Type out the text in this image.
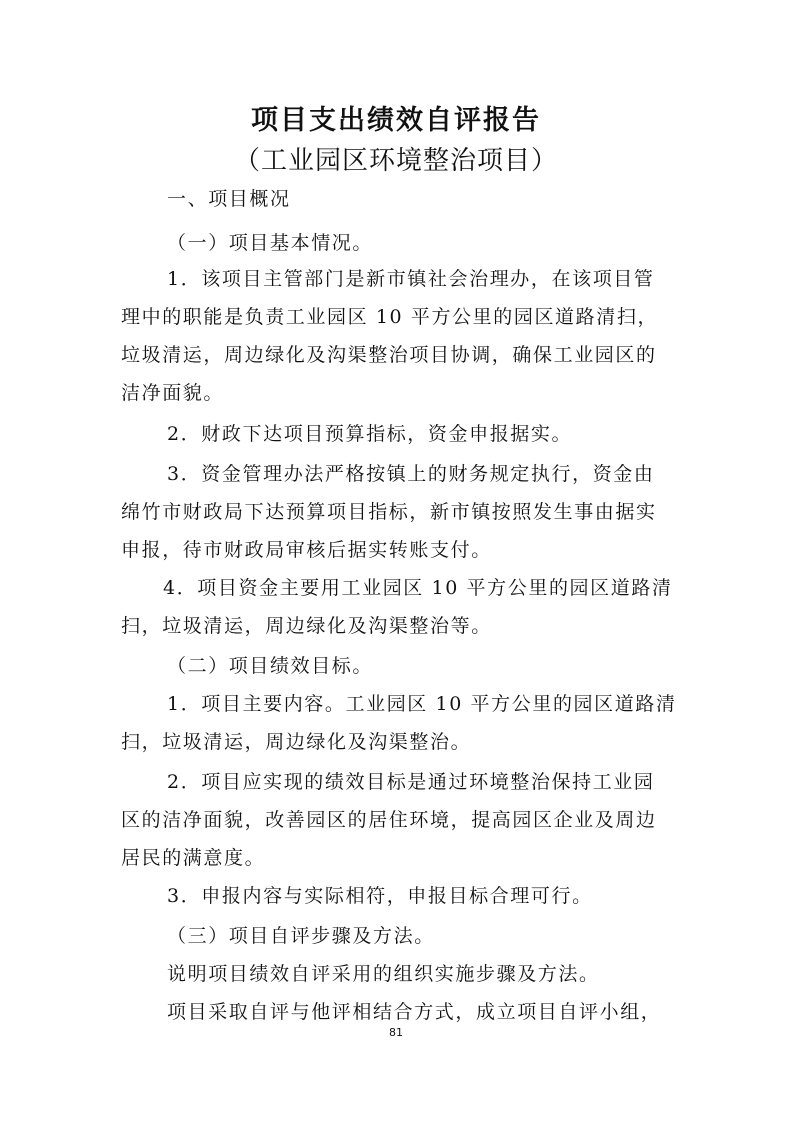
项目支出绩效自评报告
（工业园区环境整治项目）
一、项目概况
（一）项目基本情况。
1．该项目主管部门是新市镇社会治理办，在该项目管
理中的职能是负责工业园区 10 平方公里的园区道路清扫，
垃圾清运，周边绿化及沟渠整治项目协调，确保工业园区的
洁净面貌。
2．财政下达项目预算指标，资金申报据实。
3．资金管理办法严格按镇上的财务规定执行，资金由
绵竹市财政局下达预算项目指标，新市镇按照发生事由据实
申报，待市财政局审核后据实转账支付。
4．项目资金主要用工业园区 10 平方公里的园区道路清
扫，垃圾清运，周边绿化及沟渠整治等。
（二）项目绩效目标。
1．项目主要内容。工业园区 10 平方公里的园区道路清
扫，垃圾清运，周边绿化及沟渠整治。
2．项目应实现的绩效目标是通过环境整治保持工业园
区的洁净面貌，改善园区的居住环境，提高园区企业及周边
居民的满意度。
3．申报内容与实际相符，申报目标合理可行。
（三）项目自评步骤及方法。
说明项目绩效自评采用的组织实施步骤及方法。
项目采取自评与他评相结合方式，成立项目自评小组，
81
